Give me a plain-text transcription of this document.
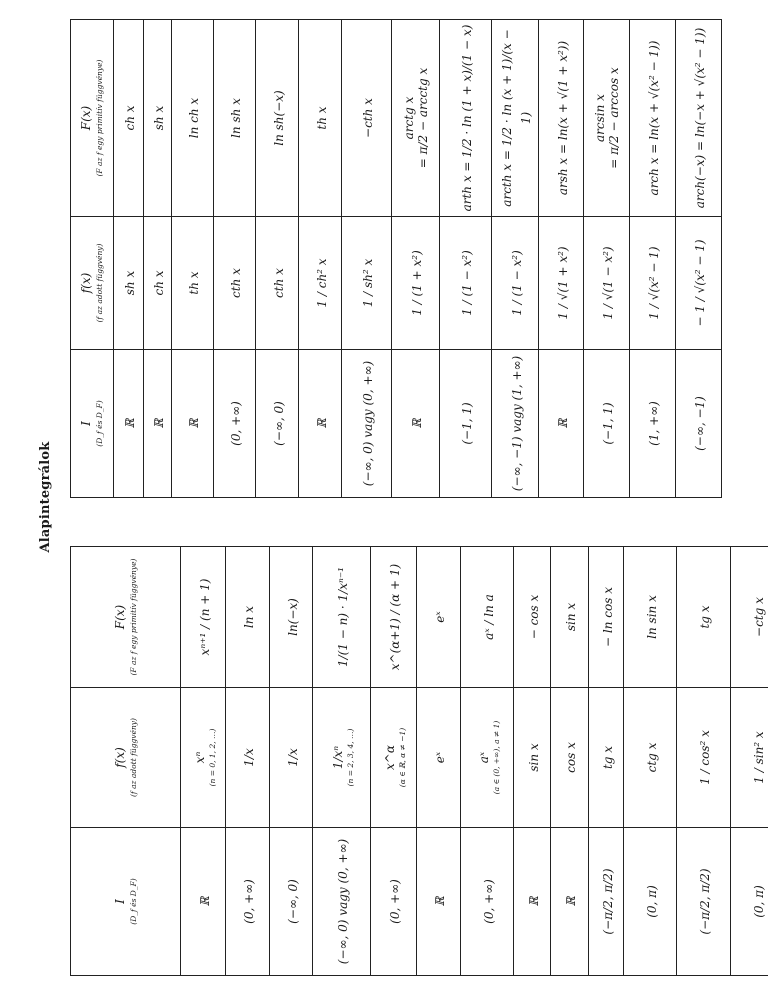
Alapintegrálok
I (D_f és D_F)	f(x) (f az adott függvény)	F(x) (F az f egy primitív függvénye)

ℝ	xⁿ (n = 0, 1, 2, …)	xⁿ⁺¹ / (n + 1)
(0, +∞)	1/x	ln x
(−∞, 0)	1/x	ln(−x)
(−∞, 0) vagy (0, +∞)	1/xⁿ (n = 2, 3, 4, …)	1/(1 − n) · 1/xⁿ⁻¹
(0, +∞)	x^α (α ∈ ℝ, α ≠ −1)	x^(α+1) / (α + 1)
ℝ	eˣ	eˣ
(0, +∞)	aˣ (a ∈ (0, +∞), a ≠ 1)	aˣ / ln a
ℝ	sin x	− cos x
ℝ	cos x	sin x
(−π/2, π/2)	tg x	− ln cos x
(0, π)	ctg x	ln sin x
(−π/2, π/2)	1 / cos² x	tg x
(0, π)	1 / sin² x	−ctg x
I (D_f és D_F)	f(x) (f az adott függvény)	F(x) (F az f egy primitív függvénye)

ℝ	sh x	ch x
ℝ	ch x	sh x
ℝ	th x	ln ch x
(0, +∞)	cth x	ln sh x
(−∞, 0)	cth x	ln sh(−x)
ℝ	1 / ch² x	th x
(−∞, 0) vagy (0, +∞)	1 / sh² x	−cth x
ℝ	1 / (1 + x²)	arctg x = π/2 − arcctg x

(−1, 1)	1 / (1 − x²)	arth x = 1/2 · ln (1 + x)/(1 − x)
(−∞, −1) vagy (1, +∞)	1 / (1 − x²)	arcth x = 1/2 · ln (x + 1)/(x − 1)
ℝ	1 / √(1 + x²)	arsh x = ln(x + √(1 + x²))
(−1, 1)	1 / √(1 − x²)	arcsin x = π/2 − arccos x

(1, +∞)	1 / √(x² − 1)	arch x = ln(x + √(x² − 1))
(−∞, −1)	− 1 / √(x² − 1)	arch(−x) = ln(−x + √(x² − 1))
